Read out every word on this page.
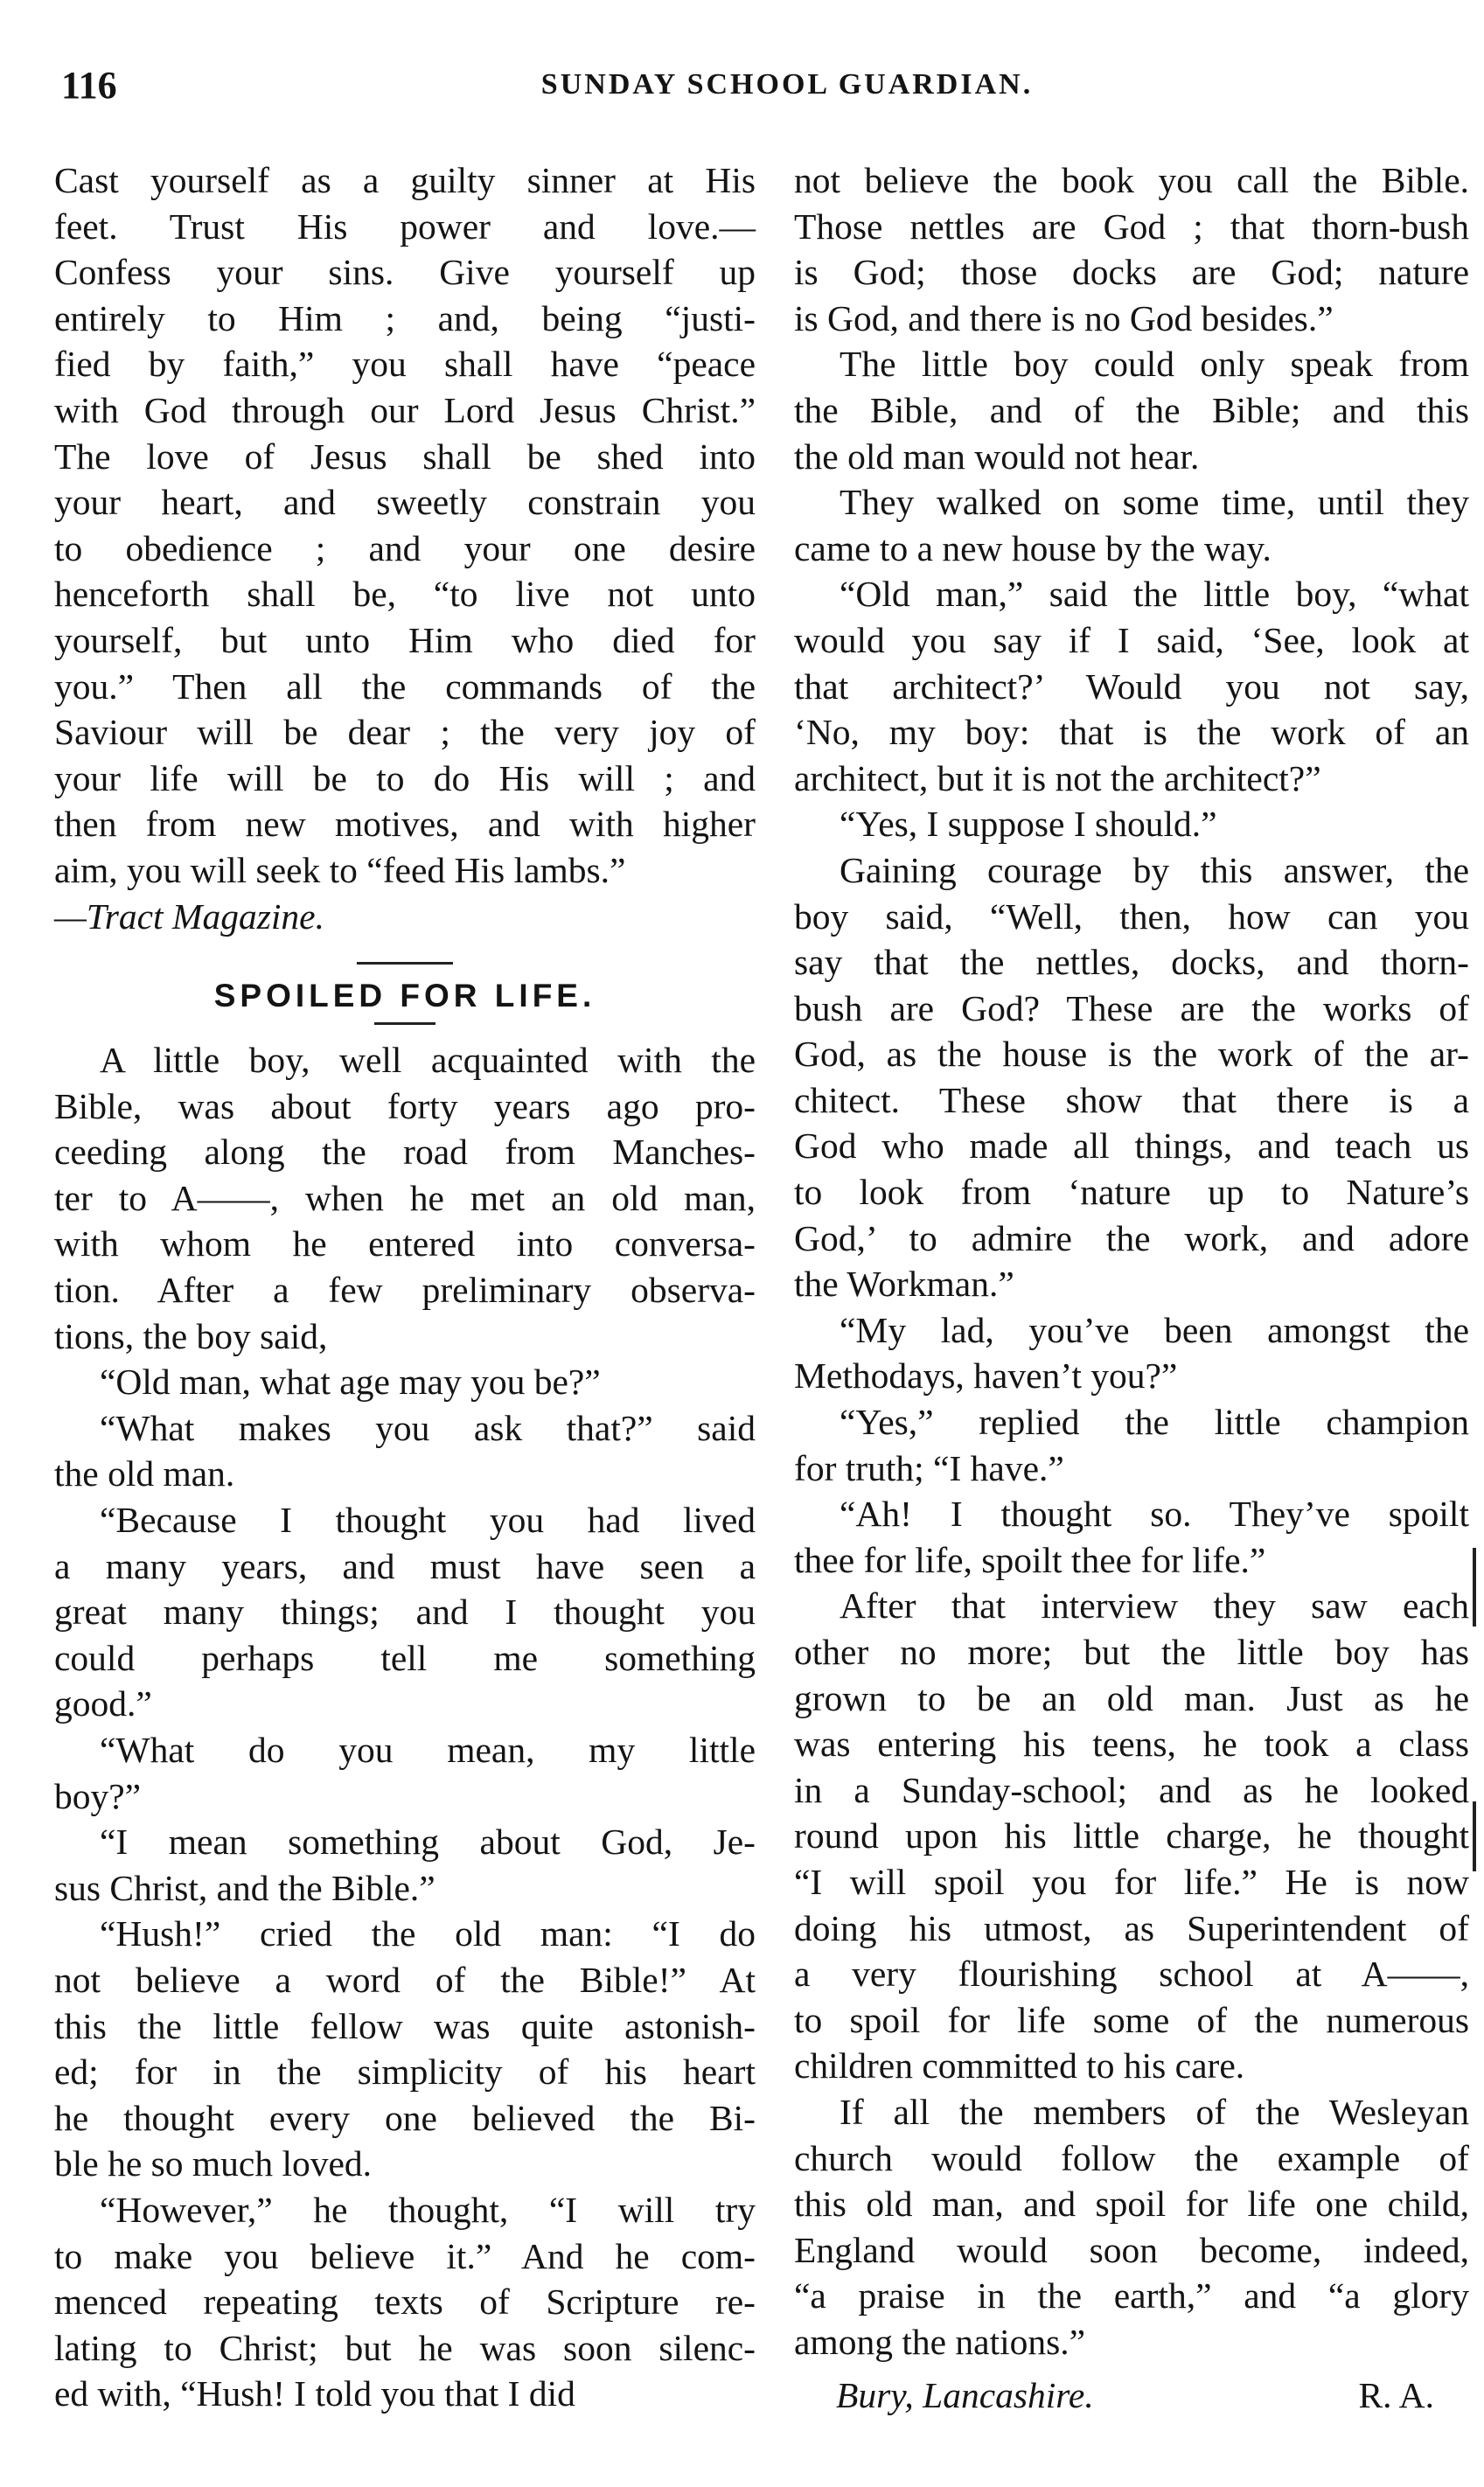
116	SUNDAY SCHOOL GUARDIAN.
Cast yourself as a guilty sinner at His
feet. Trust His power and love.—
Confess your sins. Give yourself up
entirely to Him ; and, being “justi-
fied by faith,” you shall have “peace
with God through our Lord Jesus Christ.”
The love of Jesus shall be shed into
your heart, and sweetly constrain you
to obedience ; and your one desire
henceforth shall be, “to live not unto
yourself, but unto Him who died for
you.” Then all the commands of the
Saviour will be dear ; the very joy of
your life will be to do His will ; and
then from new motives, and with higher
aim, you will seek to “feed His lambs.”
—Tract Magazine.
SPOILED FOR LIFE.
A little boy, well acquainted with the
Bible, was about forty years ago pro-
ceeding along the road from Manches-
ter to A——, when he met an old man,
with whom he entered into conversa-
tion. After a few preliminary observa-
tions, the boy said,
“Old man, what age may you be?”
“What makes you ask that?” said
the old man.
“Because I thought you had lived
a many years, and must have seen a
great many things; and I thought you
could perhaps tell me something
good.”
“What do you mean, my little
boy?”
“I mean something about God, Je-
sus Christ, and the Bible.”
“Hush!” cried the old man: “I do
not believe a word of the Bible!” At
this the little fellow was quite astonish-
ed; for in the simplicity of his heart
he thought every one believed the Bi-
ble he so much loved.
“However,” he thought, “I will try
to make you believe it.” And he com-
menced repeating texts of Scripture re-
lating to Christ; but he was soon silenc-
ed with, “Hush! I told you that I did
not believe the book you call the Bible.
Those nettles are God ; that thorn-bush
is God; those docks are God; nature
is God, and there is no God besides.”
The little boy could only speak from
the Bible, and of the Bible; and this
the old man would not hear.
They walked on some time, until they
came to a new house by the way.
“Old man,” said the little boy, “what
would you say if I said, ‘See, look at
that architect?’ Would you not say,
‘No, my boy: that is the work of an
architect, but it is not the architect?”
“Yes, I suppose I should.”
Gaining courage by this answer, the
boy said, “Well, then, how can you
say that the nettles, docks, and thorn-
bush are God? These are the works of
God, as the house is the work of the ar-
chitect. These show that there is a
God who made all things, and teach us
to look from ‘nature up to Nature’s
God,’ to admire the work, and adore
the Workman.”
“My lad, you’ve been amongst the
Methodays, haven’t you?”
“Yes,” replied the little champion
for truth; “I have.”
“Ah! I thought so. They’ve spoilt
thee for life, spoilt thee for life.”
After that interview they saw each
other no more; but the little boy has
grown to be an old man. Just as he
was entering his teens, he took a class
in a Sunday-school; and as he looked
round upon his little charge, he thought
“I will spoil you for life.” He is now
doing his utmost, as Superintendent of
a very flourishing school at A——,
to spoil for life some of the numerous
children committed to his care.
If all the members of the Wesleyan
church would follow the example of
this old man, and spoil for life one child,
England would soon become, indeed,
“a praise in the earth,” and “a glory
among the nations.”
Bury, Lancashire.	R. A.
